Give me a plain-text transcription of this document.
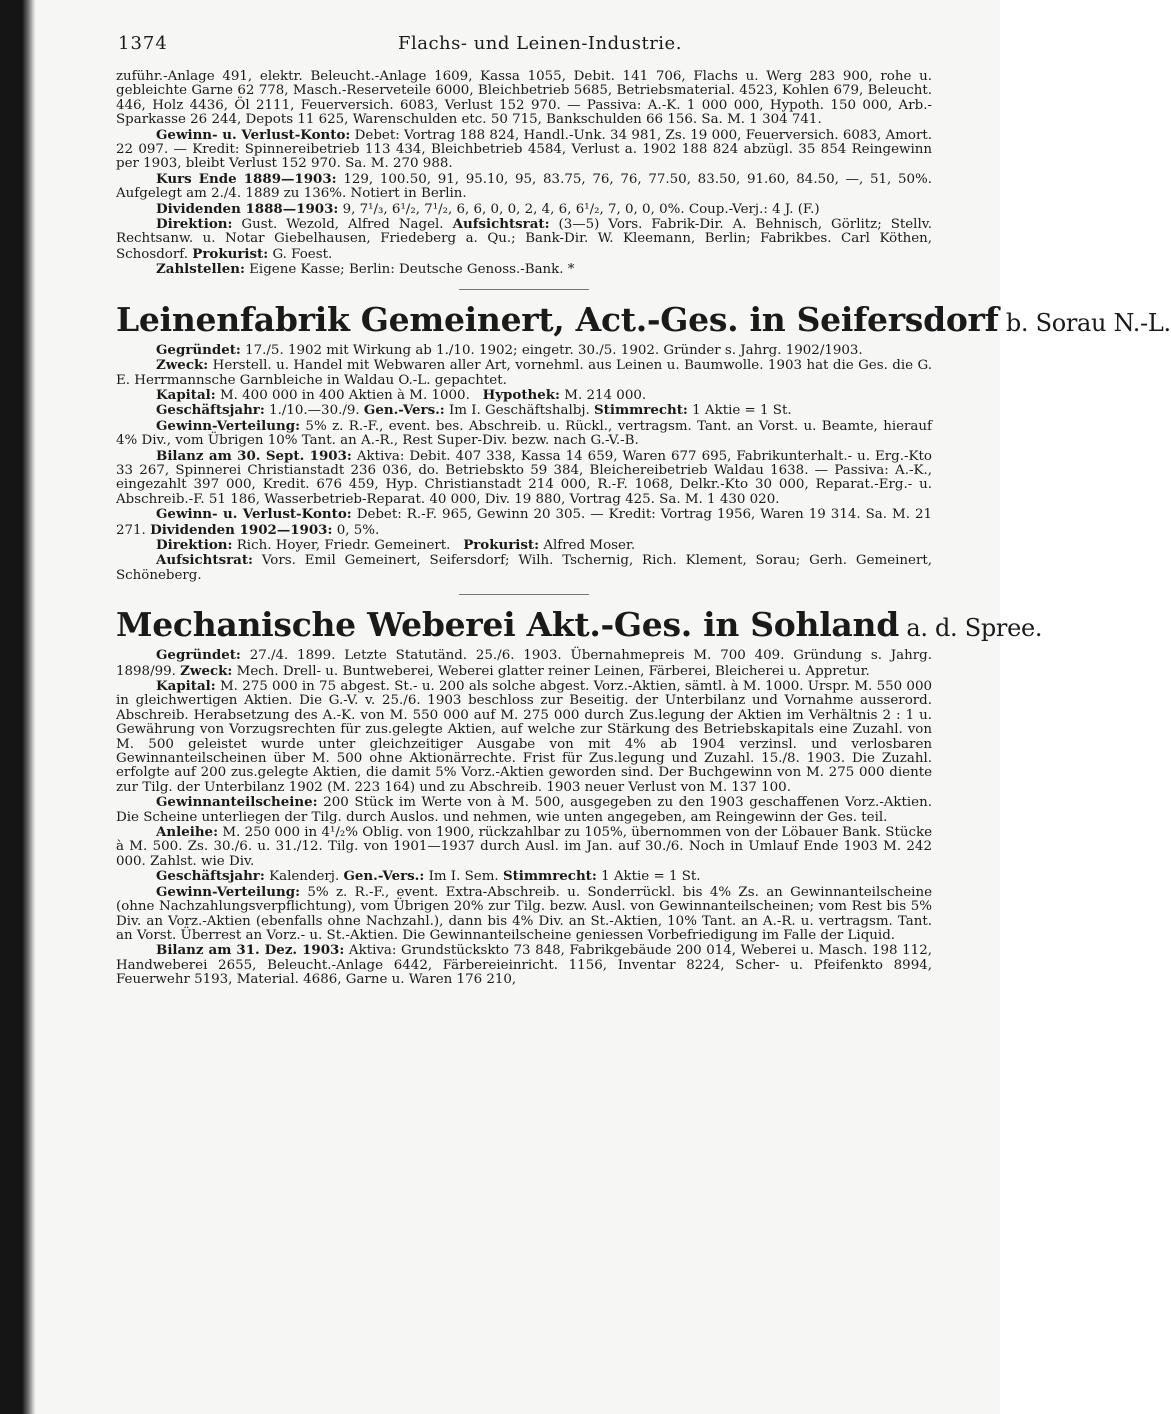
1374	Flachs- und Leinen-Industrie.

zuführ.-Anlage 491, elektr. Beleucht.-Anlage 1609, Kassa 1055, Debit. 141 706, Flachs u. Werg 283 900, rohe u. gebleichte Garne 62 778, Masch.-Reserveteile 6000, Bleichbetrieb 5685, Betriebsmaterial. 4523, Kohlen 679, Beleucht. 446, Holz 4436, Öl 2111, Feuerversich. 6083, Verlust 152 970. — Passiva: A.-K. 1 000 000, Hypoth. 150 000, Arb.-Sparkasse 26 244, Depots 11 625, Warenschulden etc. 50 715, Bankschulden 66 156. Sa. M. 1 304 741.

Gewinn- u. Verlust-Konto: Debet: Vortrag 188 824, Handl.-Unk. 34 981, Zs. 19 000, Feuerversich. 6083, Amort. 22 097. — Kredit: Spinnereibetrieb 113 434, Bleichbetrieb 4584, Verlust a. 1902 188 824 abzügl. 35 854 Reingewinn per 1903, bleibt Verlust 152 970. Sa. M. 270 988.

Kurs Ende 1889—1903: 129, 100.50, 91, 95.10, 95, 83.75, 76, 76, 77.50, 83.50, 91.60, 84.50, —, 51, 50%. Aufgelegt am 2./4. 1889 zu 136%. Notiert in Berlin.

Dividenden 1888—1903: 9, 7¹/₃, 6¹/₂, 7¹/₂, 6, 6, 0, 0, 2, 4, 6, 6¹/₂, 7, 0, 0, 0%. Coup.-Verj.: 4 J. (F.)

Direktion: Gust. Wezold, Alfred Nagel. Aufsichtsrat: (3—5) Vors. Fabrik-Dir. A. Behnisch, Görlitz; Stellv. Rechtsanw. u. Notar Giebelhausen, Friedeberg a. Qu.; Bank-Dir. W. Kleemann, Berlin; Fabrikbes. Carl Köthen, Schosdorf. Prokurist: G. Foest.

Zahlstellen: Eigene Kasse; Berlin: Deutsche Genoss.-Bank. *

Leinenfabrik Gemeinert, Act.-Ges. in Seifersdorf b. Sorau N.-L.

Gegründet: 17./5. 1902 mit Wirkung ab 1./10. 1902; eingetr. 30./5. 1902. Gründer s. Jahrg. 1902/1903.

Zweck: Herstell. u. Handel mit Webwaren aller Art, vornehml. aus Leinen u. Baumwolle. 1903 hat die Ges. die G. E. Herrmannsche Garnbleiche in Waldau O.-L. gepachtet.

Kapital: M. 400 000 in 400 Aktien à M. 1000. Hypothek: M. 214 000.

Geschäftsjahr: 1./10.—30./9. Gen.-Vers.: Im I. Geschäftshalbj. Stimmrecht: 1 Aktie = 1 St.

Gewinn-Verteilung: 5% z. R.-F., event. bes. Abschreib. u. Rückl., vertragsm. Tant. an Vorst. u. Beamte, hierauf 4% Div., vom Übrigen 10% Tant. an A.-R., Rest Super-Div. bezw. nach G.-V.-B.

Bilanz am 30. Sept. 1903: Aktiva: Debit. 407 338, Kassa 14 659, Waren 677 695, Fabrikunterhalt.- u. Erg.-Kto 33 267, Spinnerei Christianstadt 236 036, do. Betriebskto 59 384, Bleichereibetrieb Waldau 1638. — Passiva: A.-K., eingezahlt 397 000, Kredit. 676 459, Hyp. Christianstadt 214 000, R.-F. 1068, Delkr.-Kto 30 000, Reparat.-Erg.- u. Abschreib.-F. 51 186, Wasserbetrieb-Reparat. 40 000, Div. 19 880, Vortrag 425. Sa. M. 1 430 020.

Gewinn- u. Verlust-Konto: Debet: R.-F. 965, Gewinn 20 305. — Kredit: Vortrag 1956, Waren 19 314. Sa. M. 21 271. Dividenden 1902—1903: 0, 5%.

Direktion: Rich. Hoyer, Friedr. Gemeinert. Prokurist: Alfred Moser.

Aufsichtsrat: Vors. Emil Gemeinert, Seifersdorf; Wilh. Tschernig, Rich. Klement, Sorau; Gerh. Gemeinert, Schöneberg.

Mechanische Weberei Akt.-Ges. in Sohland a. d. Spree.

Gegründet: 27./4. 1899. Letzte Statutänd. 25./6. 1903. Übernahmepreis M. 700 409. Gründung s. Jahrg. 1898/99. Zweck: Mech. Drell- u. Buntweberei, Weberei glatter reiner Leinen, Färberei, Bleicherei u. Appretur.

Kapital: M. 275 000 in 75 abgest. St.- u. 200 als solche abgest. Vorz.-Aktien, sämtl. à M. 1000. Urspr. M. 550 000 in gleichwertigen Aktien. Die G.-V. v. 25./6. 1903 beschloss zur Beseitig. der Unterbilanz und Vornahme ausserord. Abschreib. Herabsetzung des A.-K. von M. 550 000 auf M. 275 000 durch Zus.legung der Aktien im Verhältnis 2 : 1 u. Gewährung von Vorzugsrechten für zus.gelegte Aktien, auf welche zur Stärkung des Betriebskapitals eine Zuzahl. von M. 500 geleistet wurde unter gleichzeitiger Ausgabe von mit 4% ab 1904 verzinsl. und verlosbaren Gewinnanteilscheinen über M. 500 ohne Aktionärrechte. Frist für Zus.legung und Zuzahl. 15./8. 1903. Die Zuzahl. erfolgte auf 200 zus.gelegte Aktien, die damit 5% Vorz.-Aktien geworden sind. Der Buchgewinn von M. 275 000 diente zur Tilg. der Unterbilanz 1902 (M. 223 164) und zu Abschreib. 1903 neuer Verlust von M. 137 100.

Gewinnanteilscheine: 200 Stück im Werte von à M. 500, ausgegeben zu den 1903 geschaffenen Vorz.-Aktien. Die Scheine unterliegen der Tilg. durch Auslos. und nehmen, wie unten angegeben, am Reingewinn der Ges. teil.

Anleihe: M. 250 000 in 4¹/₂% Oblig. von 1900, rückzahlbar zu 105%, übernommen von der Löbauer Bank. Stücke à M. 500. Zs. 30./6. u. 31./12. Tilg. von 1901—1937 durch Ausl. im Jan. auf 30./6. Noch in Umlauf Ende 1903 M. 242 000. Zahlst. wie Div.

Geschäftsjahr: Kalenderj. Gen.-Vers.: Im I. Sem. Stimmrecht: 1 Aktie = 1 St.

Gewinn-Verteilung: 5% z. R.-F., event. Extra-Abschreib. u. Sonderrückl. bis 4% Zs. an Gewinnanteilscheine (ohne Nachzahlungsverpflichtung), vom Übrigen 20% zur Tilg. bezw. Ausl. von Gewinnanteilscheinen; vom Rest bis 5% Div. an Vorz.-Aktien (ebenfalls ohne Nachzahl.), dann bis 4% Div. an St.-Aktien, 10% Tant. an A.-R. u. vertragsm. Tant. an Vorst. Überrest an Vorz.- u. St.-Aktien. Die Gewinnanteilscheine geniessen Vorbefriedigung im Falle der Liquid.

Bilanz am 31. Dez. 1903: Aktiva: Grundstückskto 73 848, Fabrikgebäude 200 014, Weberei u. Masch. 198 112, Handweberei 2655, Beleucht.-Anlage 6442, Färbereieinricht. 1156, Inventar 8224, Scher- u. Pfeifenkto 8994, Feuerwehr 5193, Material. 4686, Garne u. Waren 176 210,
